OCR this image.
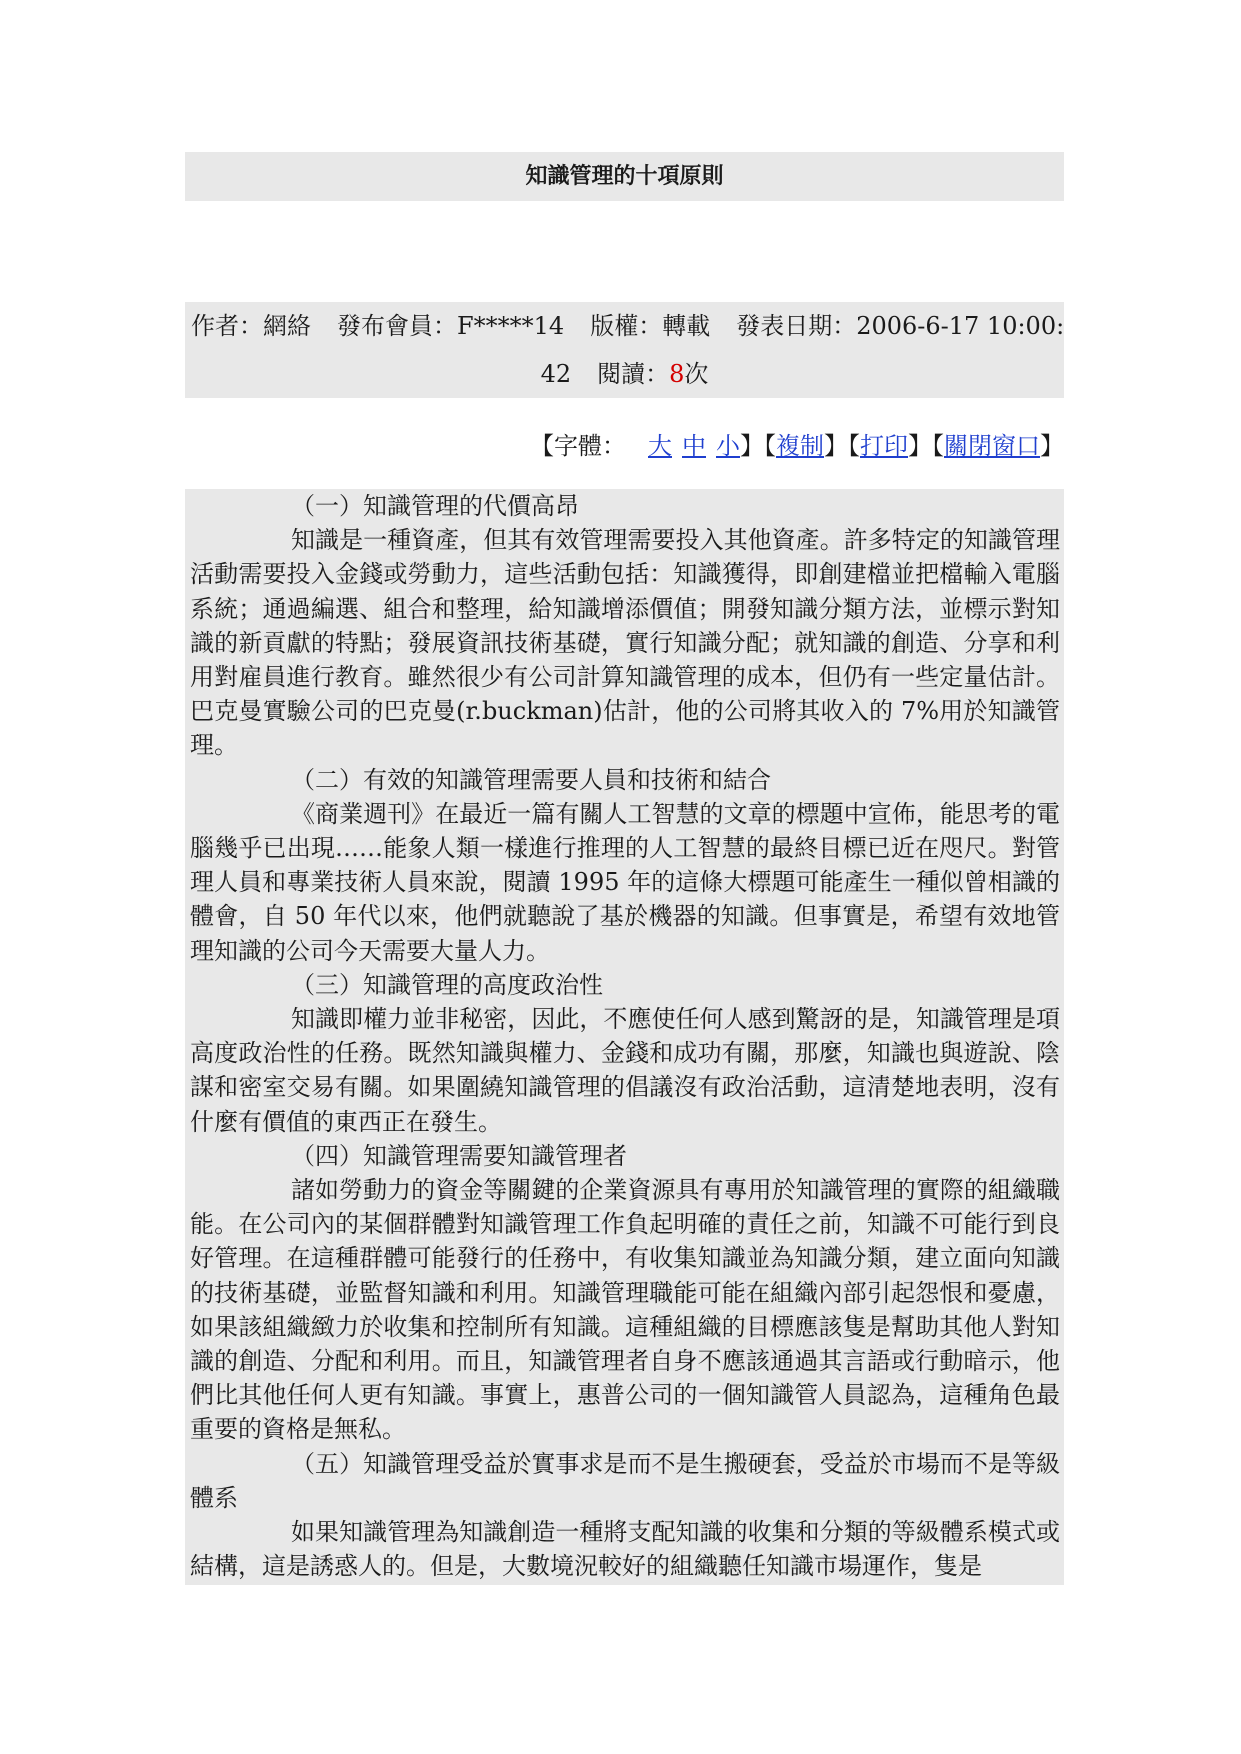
知識管理的十項原則
作者：網絡 發布會員：F*****14 版權：轉載 發表日期：2006-6-17 10:00:
42 閱讀：8次
【字體： 大 中 小】【複制】【打印】【關閉窗口】

（一）知識管理的代價高昂

知識是一種資產，但其有效管理需要投入其他資產。許多特定的知識管理活動需要投入金錢或勞動力，這些活動包括：知識獲得，即創建檔並把檔輸入電腦系統；通過編選、組合和整理，給知識增添價值；開發知識分類方法，並標示對知識的新貢獻的特點；發展資訊技術基礎，實行知識分配；就知識的創造、分享和利用對雇員進行教育。雖然很少有公司計算知識管理的成本，但仍有一些定量估計。巴克曼實驗公司的巴克曼(r.buckman)估計，他的公司將其收入的 7%用於知識管理。

（二）有效的知識管理需要人員和技術和結合

《商業週刊》在最近一篇有關人工智慧的文章的標題中宣佈，能思考的電腦幾乎已出現……能象人類一樣進行推理的人工智慧的最終目標已近在咫尺。對管理人員和專業技術人員來說，閱讀 1995 年的這條大標題可能產生一種似曾相識的體會，自 50 年代以來，他們就聽說了基於機器的知識。但事實是，希望有效地管理知識的公司今天需要大量人力。

（三）知識管理的高度政治性

知識即權力並非秘密，因此，不應使任何人感到驚訝的是，知識管理是項高度政治性的任務。既然知識與權力、金錢和成功有關，那麼，知識也與遊說、陰謀和密室交易有關。如果圍繞知識管理的倡議沒有政治活動，這清楚地表明，沒有什麼有價值的東西正在發生。

（四）知識管理需要知識管理者

諸如勞動力的資金等關鍵的企業資源具有專用於知識管理的實際的組織職能。在公司內的某個群體對知識管理工作負起明確的責任之前，知識不可能行到良好管理。在這種群體可能發行的任務中，有收集知識並為知識分類，建立面向知識的技術基礎，並監督知識和利用。知識管理職能可能在組織內部引起怨恨和憂慮，如果該組織緻力於收集和控制所有知識。這種組織的目標應該隻是幫助其他人對知識的創造、分配和利用。而且，知識管理者自身不應該通過其言語或行動暗示，他們比其他任何人更有知識。事實上，惠普公司的一個知識管人員認為，這種角色最重要的資格是無私。

（五）知識管理受益於實事求是而不是生搬硬套，受益於市場而不是等級體系

如果知識管理為知識創造一種將支配知識的收集和分類的等級體系模式或結構，這是誘惑人的。但是，大數境況較好的組織聽任知識市場運作，隻是
